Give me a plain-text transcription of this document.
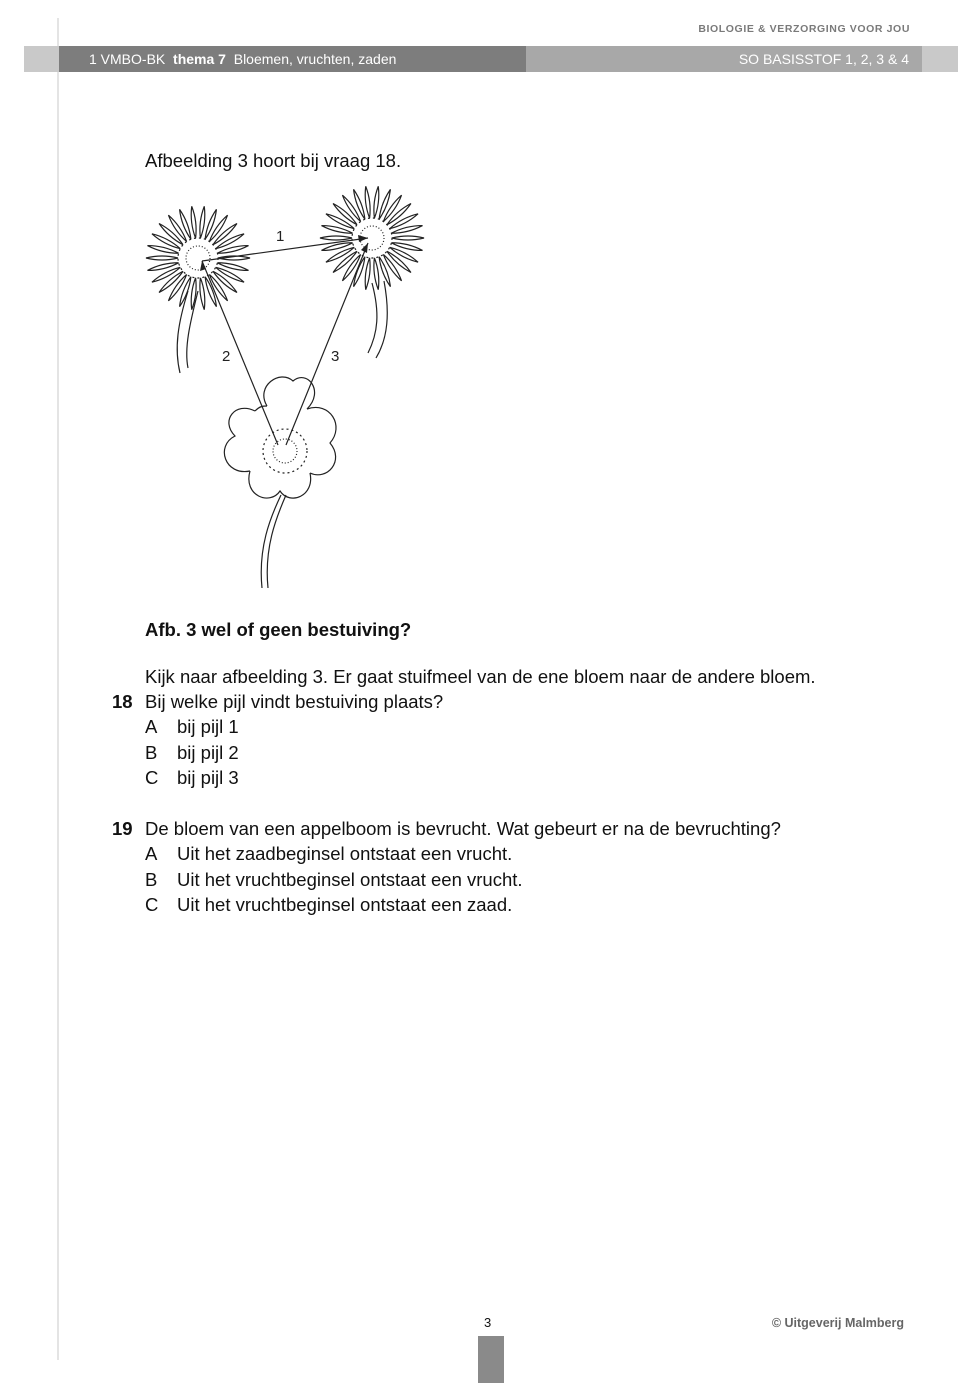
BIOLOGIE & VERZORGING VOOR JOU
1 VMBO-BK thema 7 Bloemen, vruchten, zaden	SO BASISSTOF 1, 2, 3 & 4
Afbeelding 3 hoort bij vraag 18.
1
2	3
Afb. 3 wel of geen bestuiving?
Kijk naar afbeelding 3. Er gaat stuifmeel van de ene bloem naar de andere bloem.
18 Bij welke pijl vindt bestuiving plaats?
A bij pijl 1
B bij pijl 2
C bij pijl 3
19 De bloem van een appelboom is bevrucht. Wat gebeurt er na de bevruchting?
A Uit het zaadbeginsel ontstaat een vrucht.
B Uit het vruchtbeginsel ontstaat een vrucht.
C Uit het vruchtbeginsel ontstaat een zaad.
3	© Uitgeverij Malmberg
